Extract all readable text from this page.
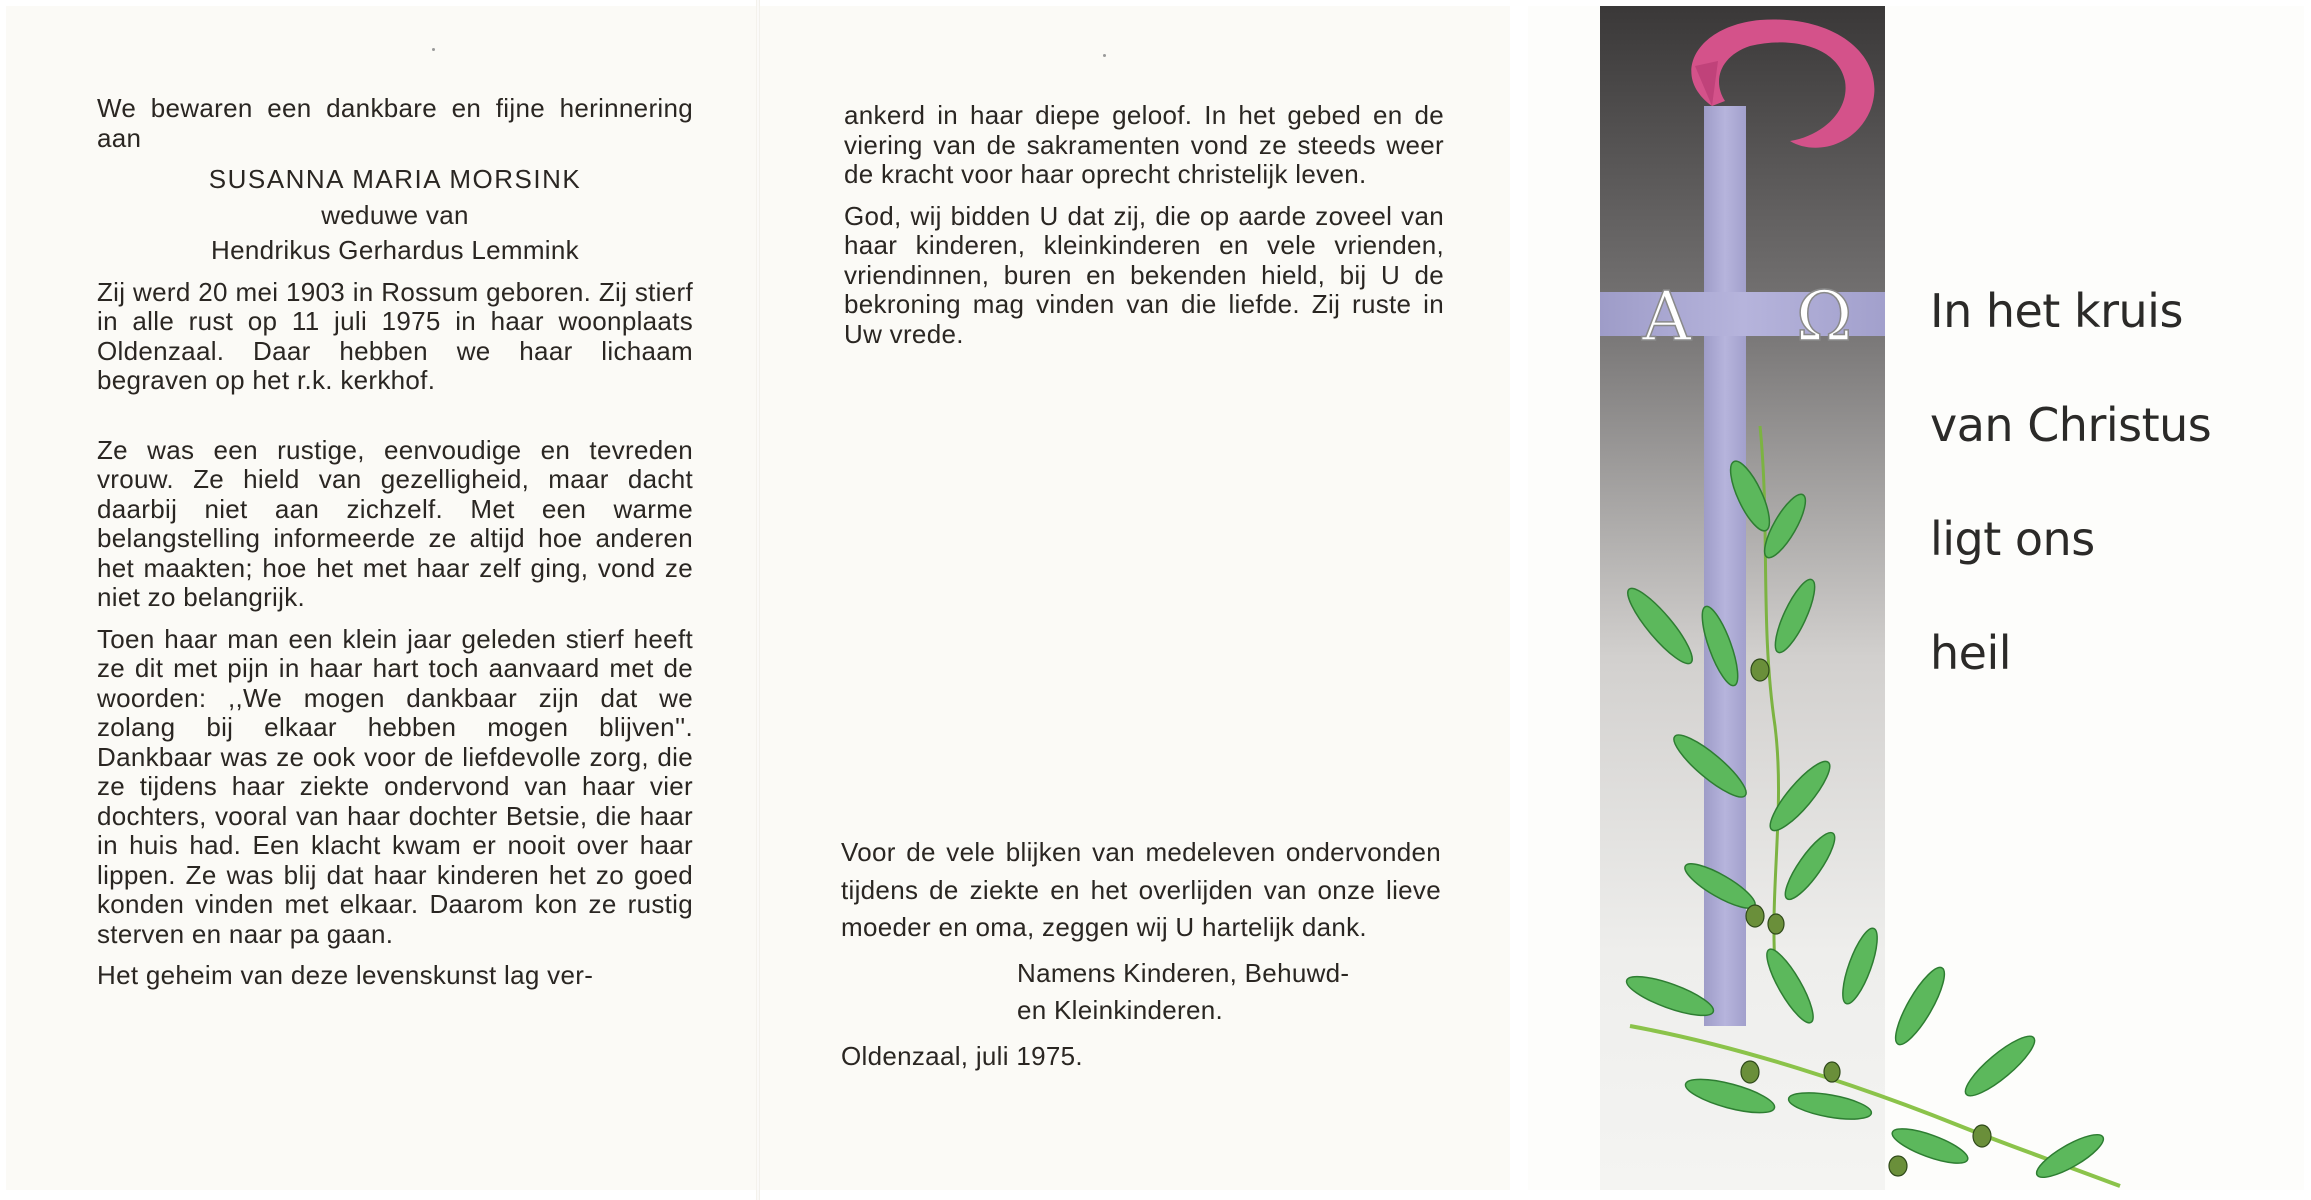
We bewaren een dankbare en fijne herinnering aan

SUSANNA MARIA MORSINK

weduwe van

Hendrikus Gerhardus Lemmink

Zij werd 20 mei 1903 in Rossum geboren. Zij stierf in alle rust op 11 juli 1975 in haar woonplaats Oldenzaal. Daar hebben we haar lichaam begraven op het r.k. kerkhof.

Ze was een rustige, eenvoudige en tevreden vrouw. Ze hield van gezelligheid, maar dacht daarbij niet aan zichzelf. Met een warme belangstelling informeerde ze altijd hoe anderen het maakten; hoe het met haar zelf ging, vond ze niet zo belangrijk.

Toen haar man een klein jaar geleden stierf heeft ze dit met pijn in haar hart toch aanvaard met de woorden: ,,We mogen dankbaar zijn dat we zolang bij elkaar hebben mogen blijven''. Dankbaar was ze ook voor de liefdevolle zorg, die ze tijdens haar ziekte ondervond van haar vier dochters, vooral van haar dochter Betsie, die haar in huis had. Een klacht kwam er nooit over haar lippen. Ze was blij dat haar kinderen het zo goed konden vinden met elkaar. Daarom kon ze rustig sterven en naar pa gaan.

Het geheim van deze levenskunst lag ver-

ankerd in haar diepe geloof. In het gebed en de viering van de sakramenten vond ze steeds weer de kracht voor haar oprecht christelijk leven.

God, wij bidden U dat zij, die op aarde zoveel van haar kinderen, kleinkinderen en vele vrienden, vriendinnen, buren en bekenden hield, bij U de bekroning mag vinden van die liefde. Zij ruste in Uw vrede.

Voor de vele blijken van medeleven ondervonden tijdens de ziekte en het overlijden van onze lieve moeder en oma, zeggen wij U hartelijk dank.

Namens Kinderen, Behuwd-

en Kleinkinderen.

Oldenzaal, juli 1975.

Α Ω In het kruis
van Christus
ligt ons
heil
